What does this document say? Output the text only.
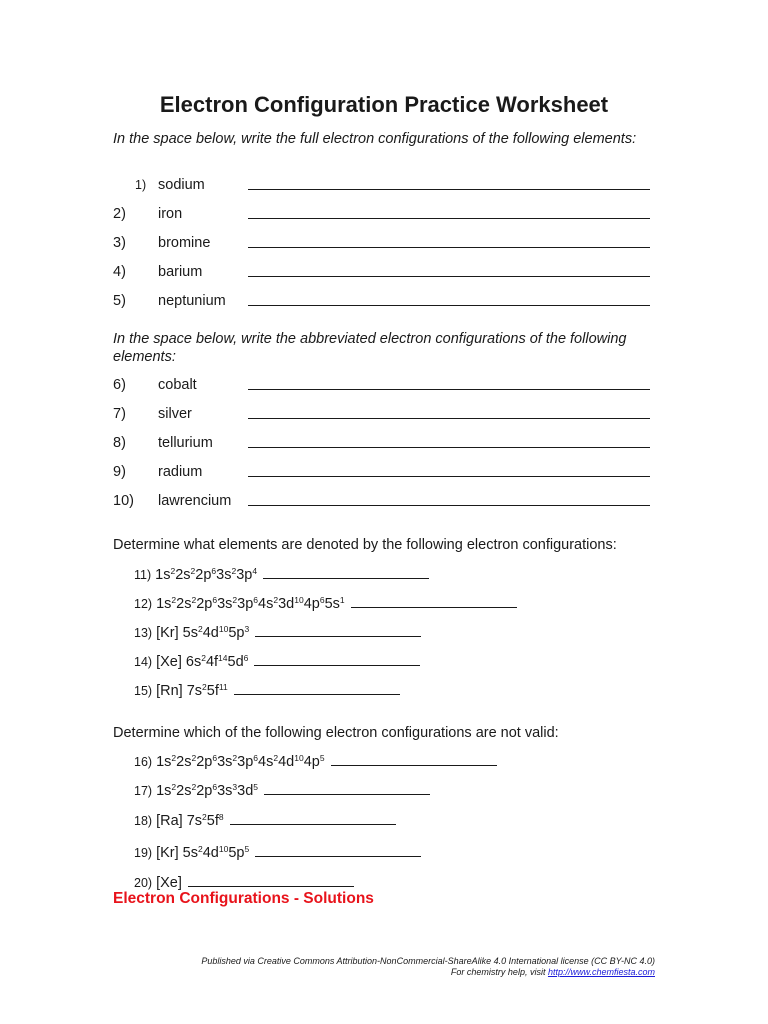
Electron Configuration Practice Worksheet
In the space below, write the full electron configurations of the following elements:
1) sodium
2) iron
3) bromine
4) barium
5) neptunium
In the space below, write the abbreviated electron configurations of the following elements:
6) cobalt
7) silver
8) tellurium
9) radium
10) lawrencium
Determine what elements are denoted by the following electron configurations:
11) $1s^22s^22p^63s^23p^4$
12) $1s^22s^22p^63s^23p^64s^23d^{10}4p^65s^1$
13) [Kr] $5s^24d^{10}5p^3$
14) [Xe] $6s^24f^{14}5d^6$
15) [Rn] $7s^25f^{11}$
Determine which of the following electron configurations are not valid:
16) $1s^22s^22p^63s^23p^64s^24d^{10}4p^5$
17) $1s^22s^22p^63s^33d^5$
18) [Ra] $7s^25f^8$
19) [Kr] $5s^24d^{10}5p^5$
20) [Xe]
Electron Configurations - Solutions
Published via Creative Commons Attribution-NonCommercial-ShareAlike 4.0 International license (CC BY-NC 4.0)
For chemistry help, visit http://www.chemfiesta.com
